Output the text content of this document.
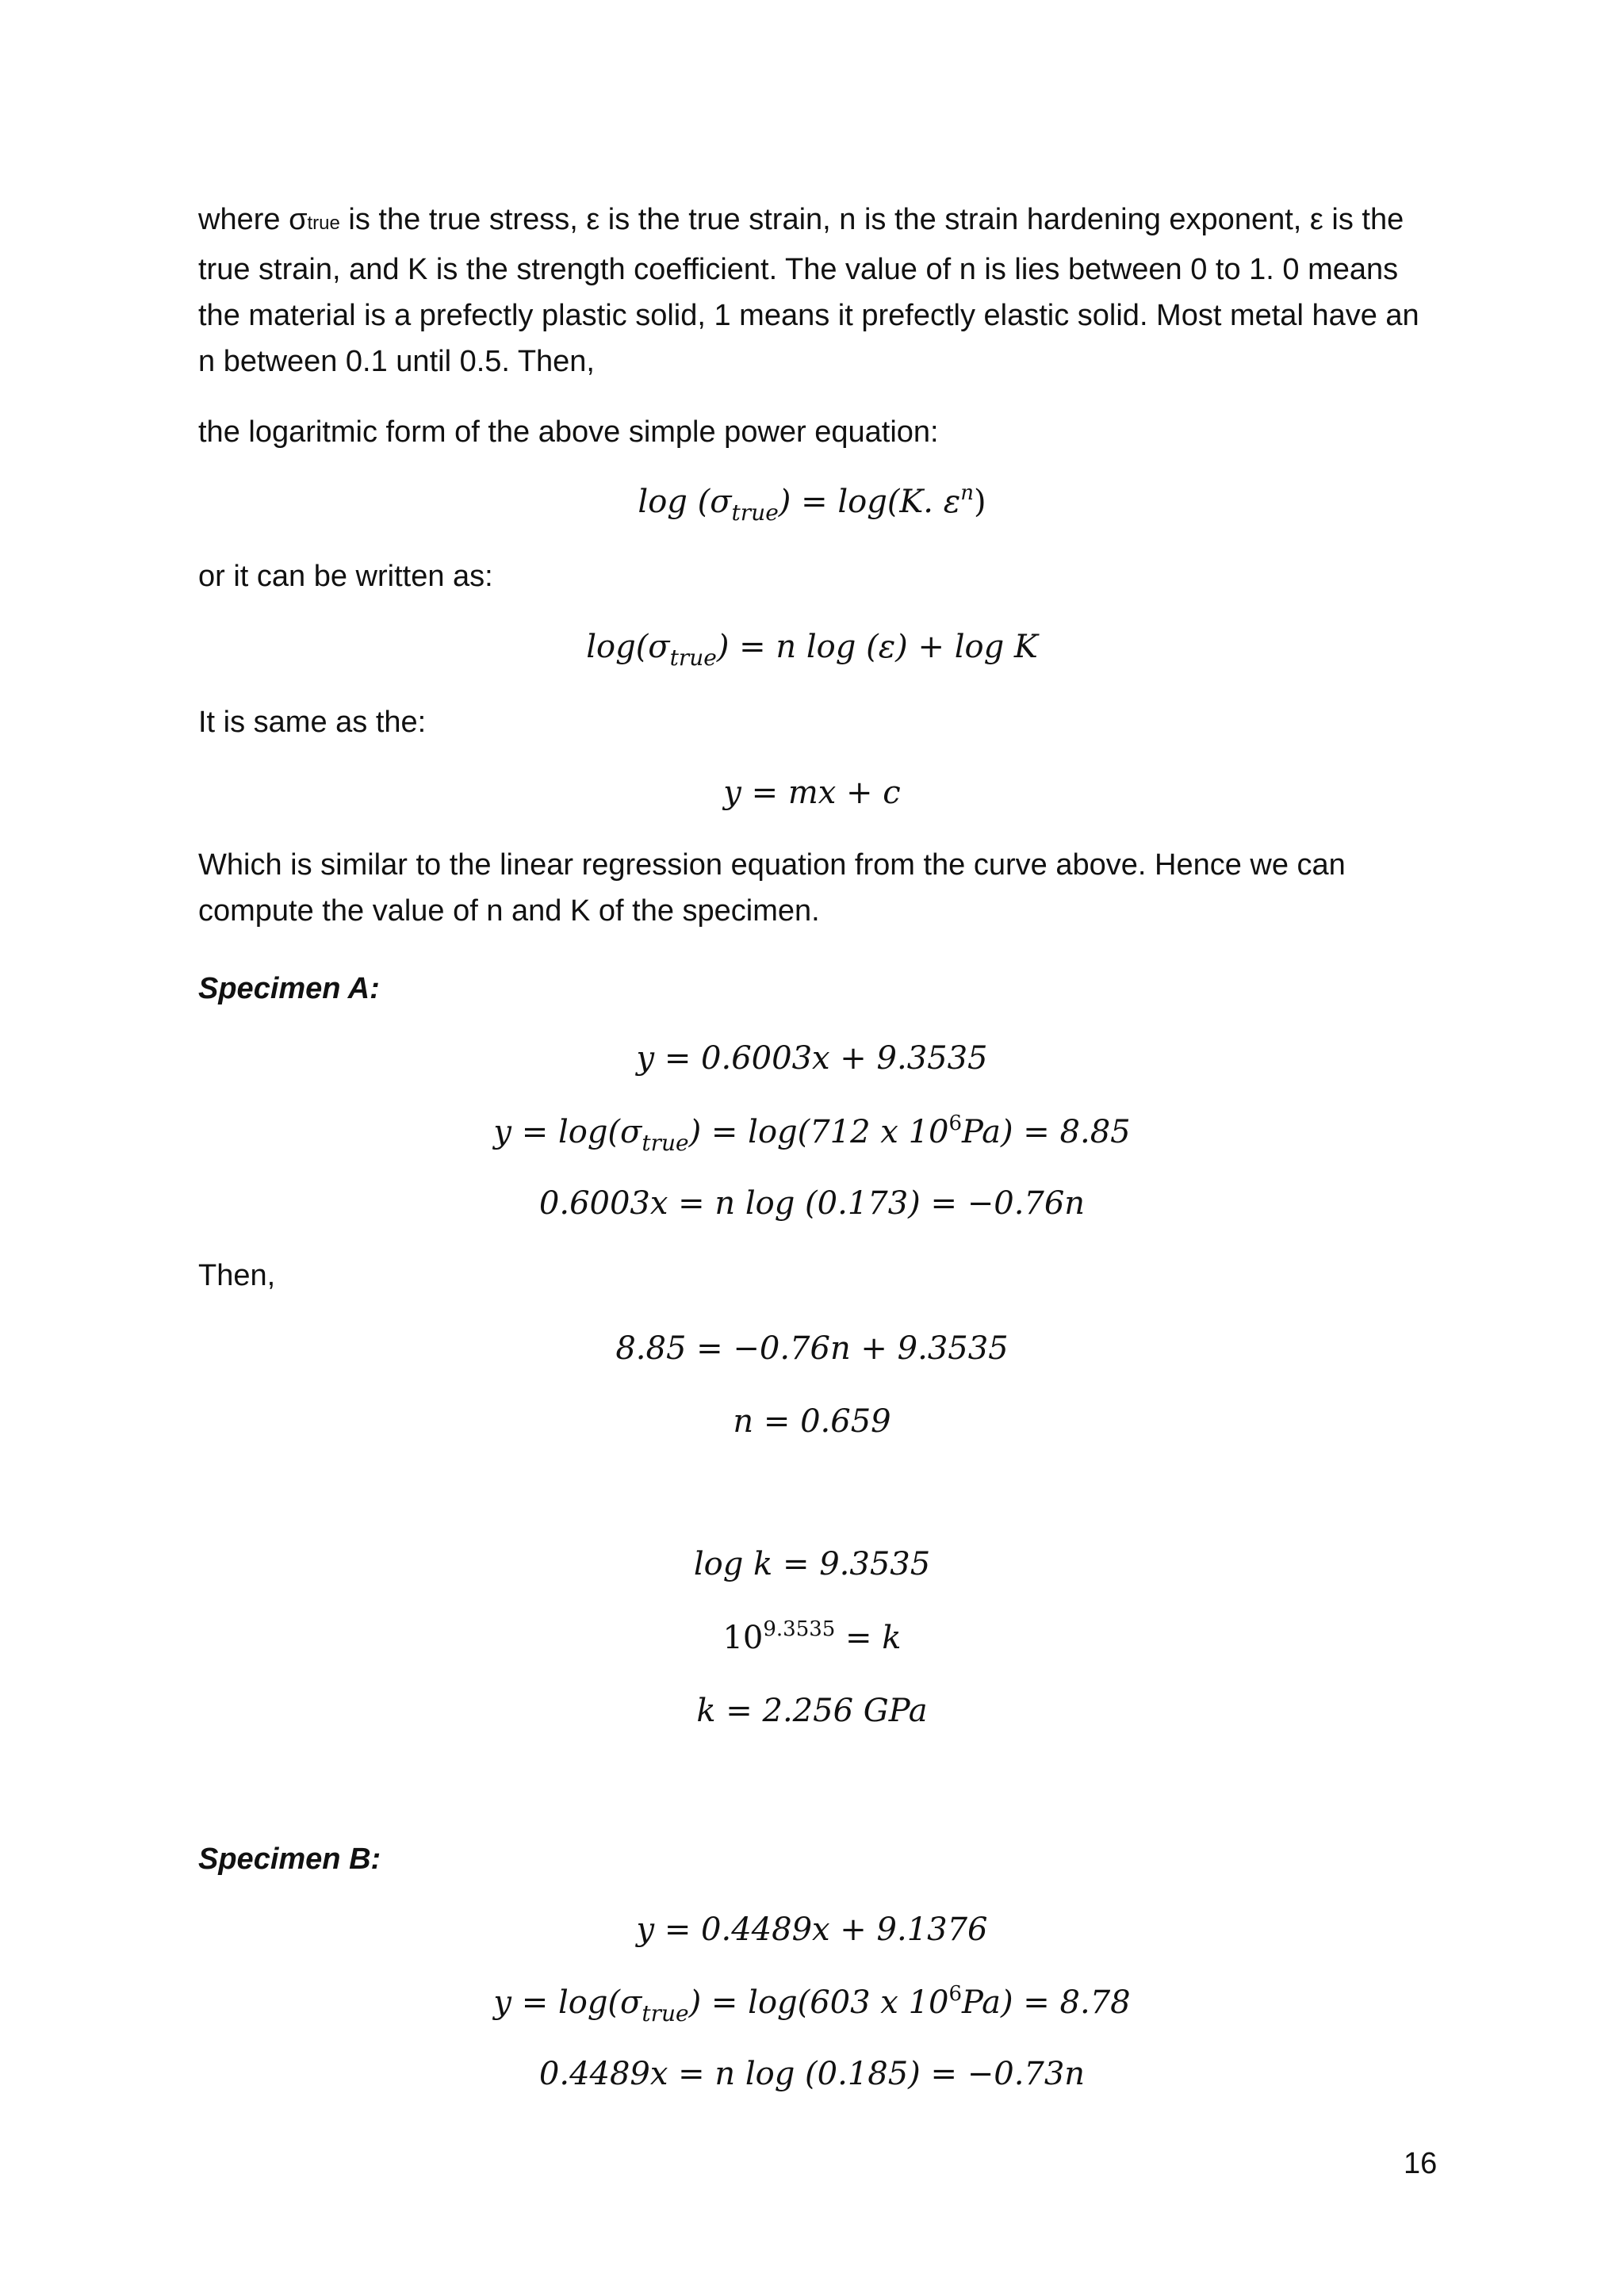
where σtrue is the true stress, ε is the true strain, n is the strain hardening exponent, ε is the true strain, and K is the strength coefficient. The value of n is lies between 0 to 1. 0 means the material is a prefectly plastic solid, 1 means it prefectly elastic solid. Most metal have an n between 0.1 until 0.5. Then,

the logaritmic form of the above simple power equation:

$\log (\sigma_{true}) = \log(K$. $\varepsilon^n$)

or it can be written as:

$\log(\sigma_{true}) = n$ log (ε) + log K

It is same as the:

y = mx + c

Which is similar to the linear regression equation from the curve above. Hence we can compute the value of n and K of the specimen.

Specimen A:

y = 0.6003x + 9.3535

$y = \log(\sigma_{true}) = \log(712$ x $10^6Pa) = 8.85$

0.6003x = n log (0.173) = −0.76n

Then,

8.85 = −0.76n + 9.3535

n = 0.659

log k = 9.3535

$10^{9.3535} = k$

k = 2.256 GPa

Specimen B:

y = 0.4489x + 9.1376

$y = \log(\sigma_{true}) = \log(603$ x $10^6Pa) = 8.78$

0.4489x = n log (0.185) = −0.73n

16
